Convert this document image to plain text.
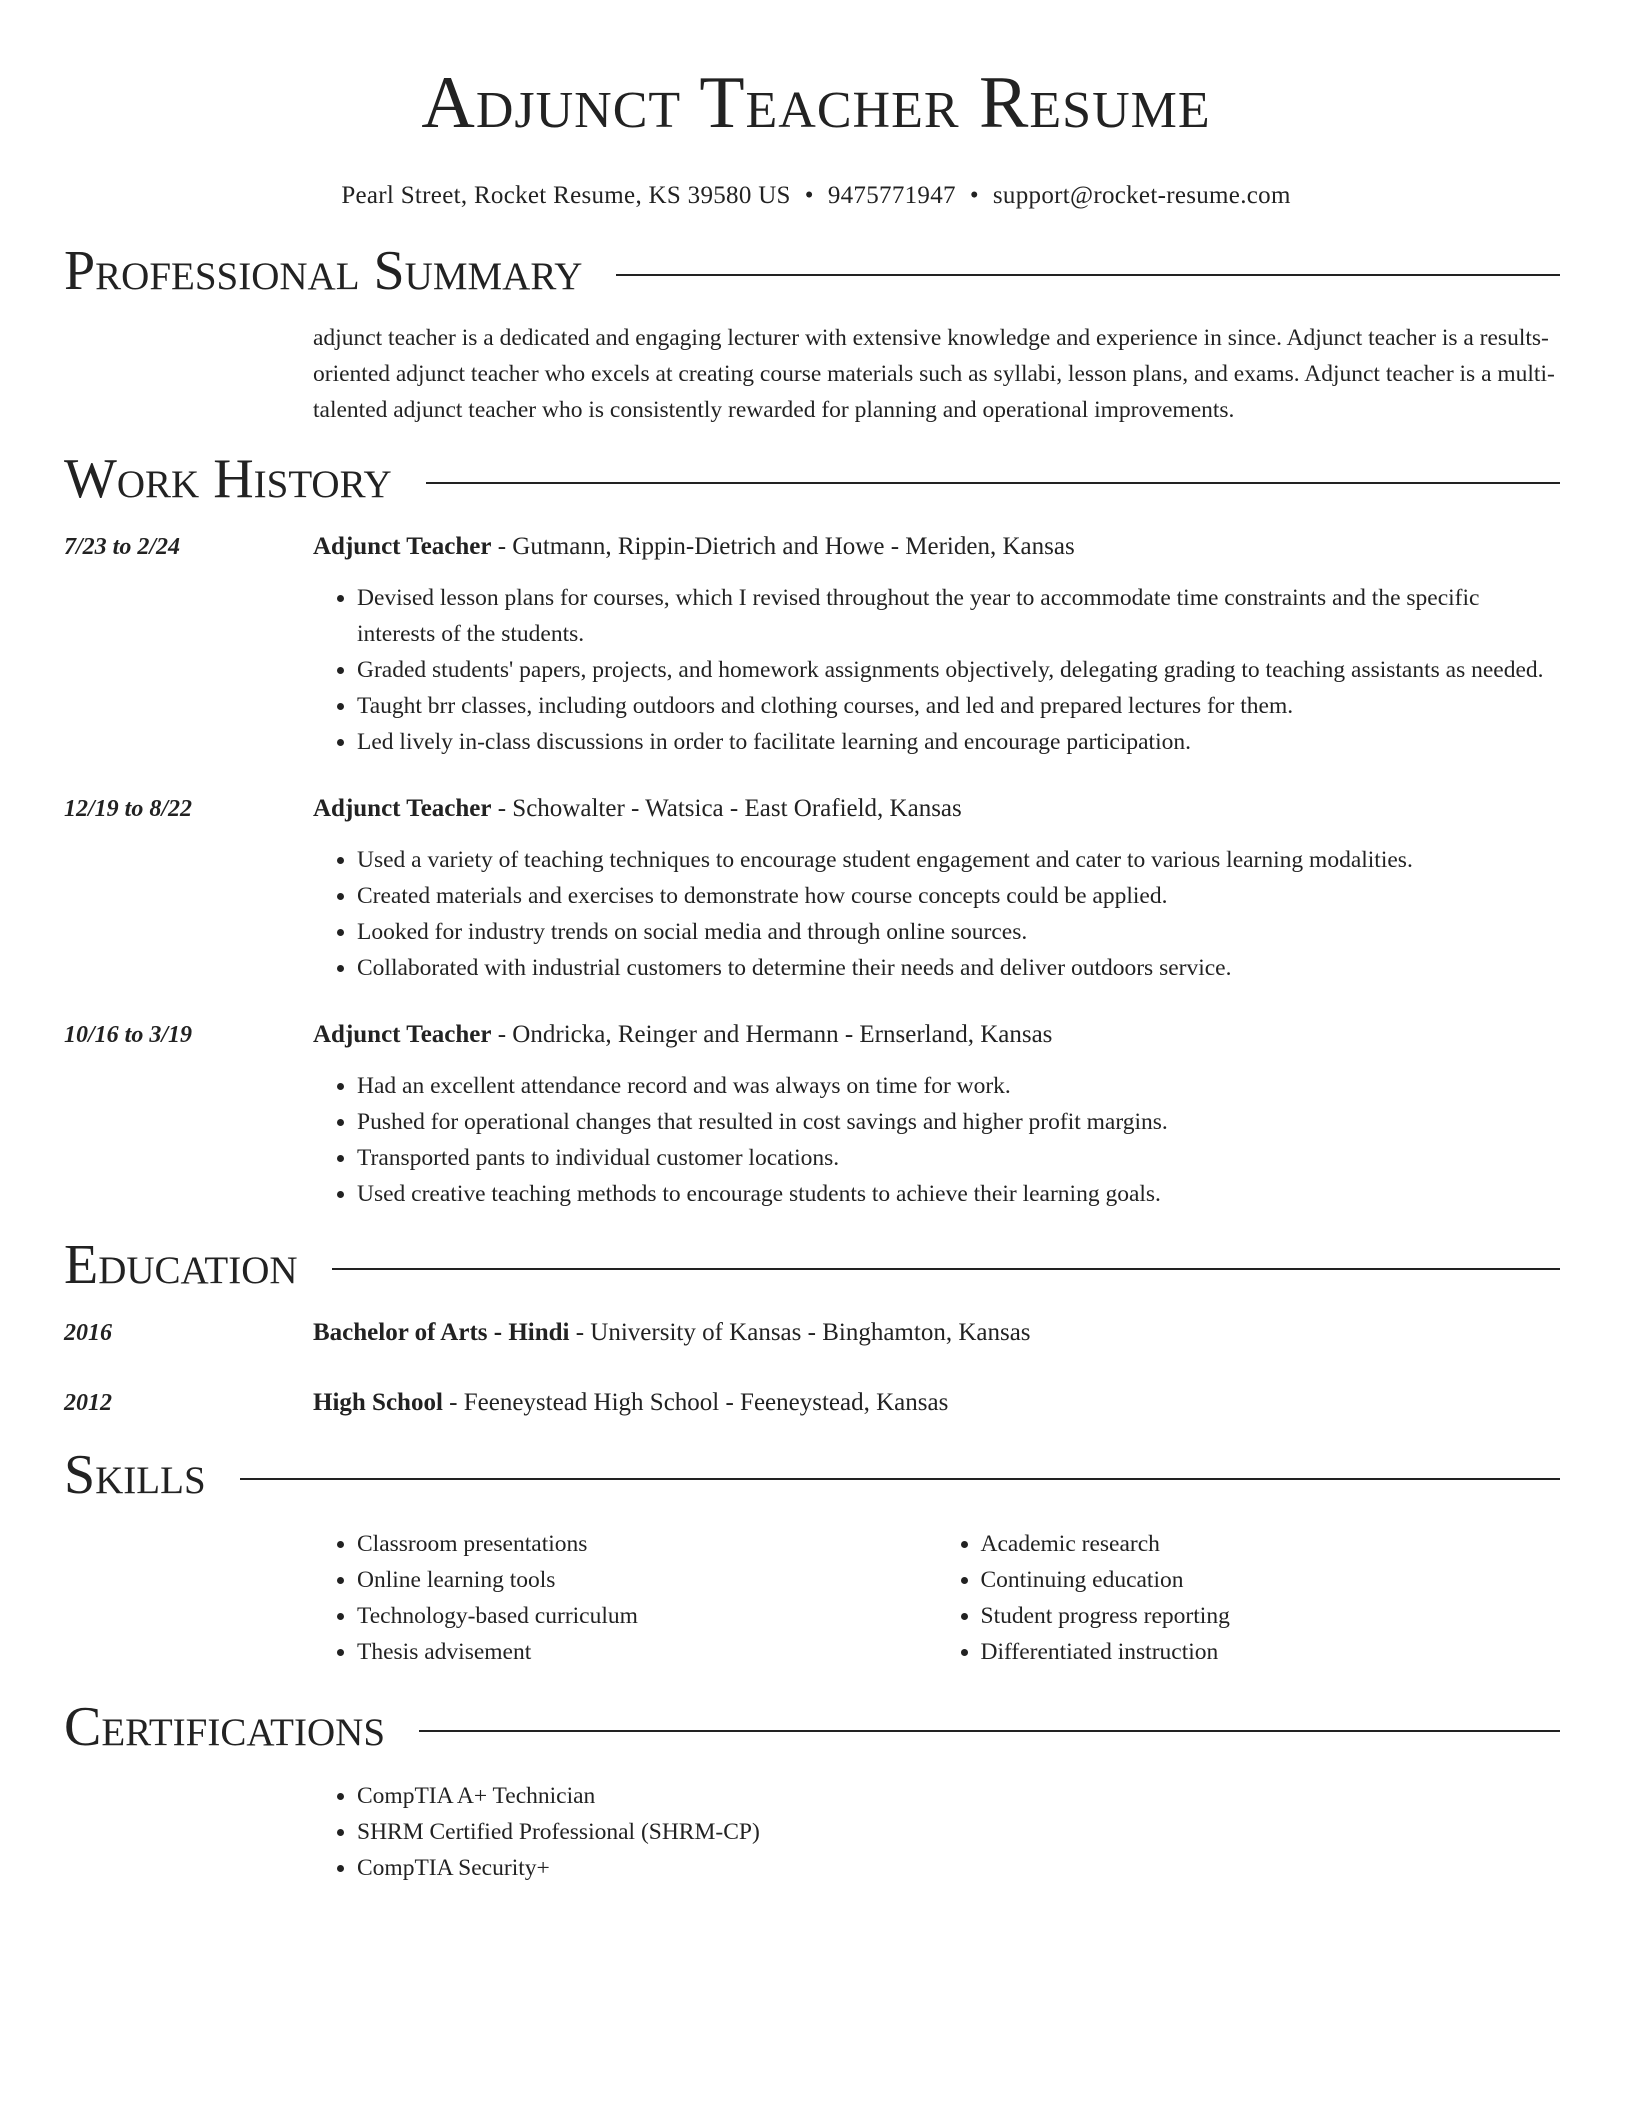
Adjunct Teacher Resume
Pearl Street, Rocket Resume, KS 39580 US • 9475771947 • support@rocket-resume.com
Professional Summary
adjunct teacher is a dedicated and engaging lecturer with extensive knowledge and experience in since. Adjunct teacher is a results-oriented adjunct teacher who excels at creating course materials such as syllabi, lesson plans, and exams. Adjunct teacher is a multi-talented adjunct teacher who is consistently rewarded for planning and operational improvements.
Work History
7/23 to 2/24	Adjunct Teacher - Gutmann, Rippin-Dietrich and Howe - Meriden, Kansas
• Devised lesson plans for courses, which I revised throughout the year to accommodate time constraints and the specific interests of the students.
• Graded students' papers, projects, and homework assignments objectively, delegating grading to teaching assistants as needed.
• Taught brr classes, including outdoors and clothing courses, and led and prepared lectures for them.
• Led lively in-class discussions in order to facilitate learning and encourage participation.
12/19 to 8/22	Adjunct Teacher - Schowalter - Watsica - East Orafield, Kansas
• Used a variety of teaching techniques to encourage student engagement and cater to various learning modalities.
• Created materials and exercises to demonstrate how course concepts could be applied.
• Looked for industry trends on social media and through online sources.
• Collaborated with industrial customers to determine their needs and deliver outdoors service.
10/16 to 3/19	Adjunct Teacher - Ondricka, Reinger and Hermann - Ernserland, Kansas
• Had an excellent attendance record and was always on time for work.
• Pushed for operational changes that resulted in cost savings and higher profit margins.
• Transported pants to individual customer locations.
• Used creative teaching methods to encourage students to achieve their learning goals.
Education
2016	Bachelor of Arts - Hindi - University of Kansas - Binghamton, Kansas
2012	High School - Feeneystead High School - Feeneystead, Kansas
Skills
• Classroom presentations
• Online learning tools
• Technology-based curriculum
• Thesis advisement
• Academic research
• Continuing education
• Student progress reporting
• Differentiated instruction
Certifications
• CompTIA A+ Technician
• SHRM Certified Professional (SHRM-CP)
• CompTIA Security+
